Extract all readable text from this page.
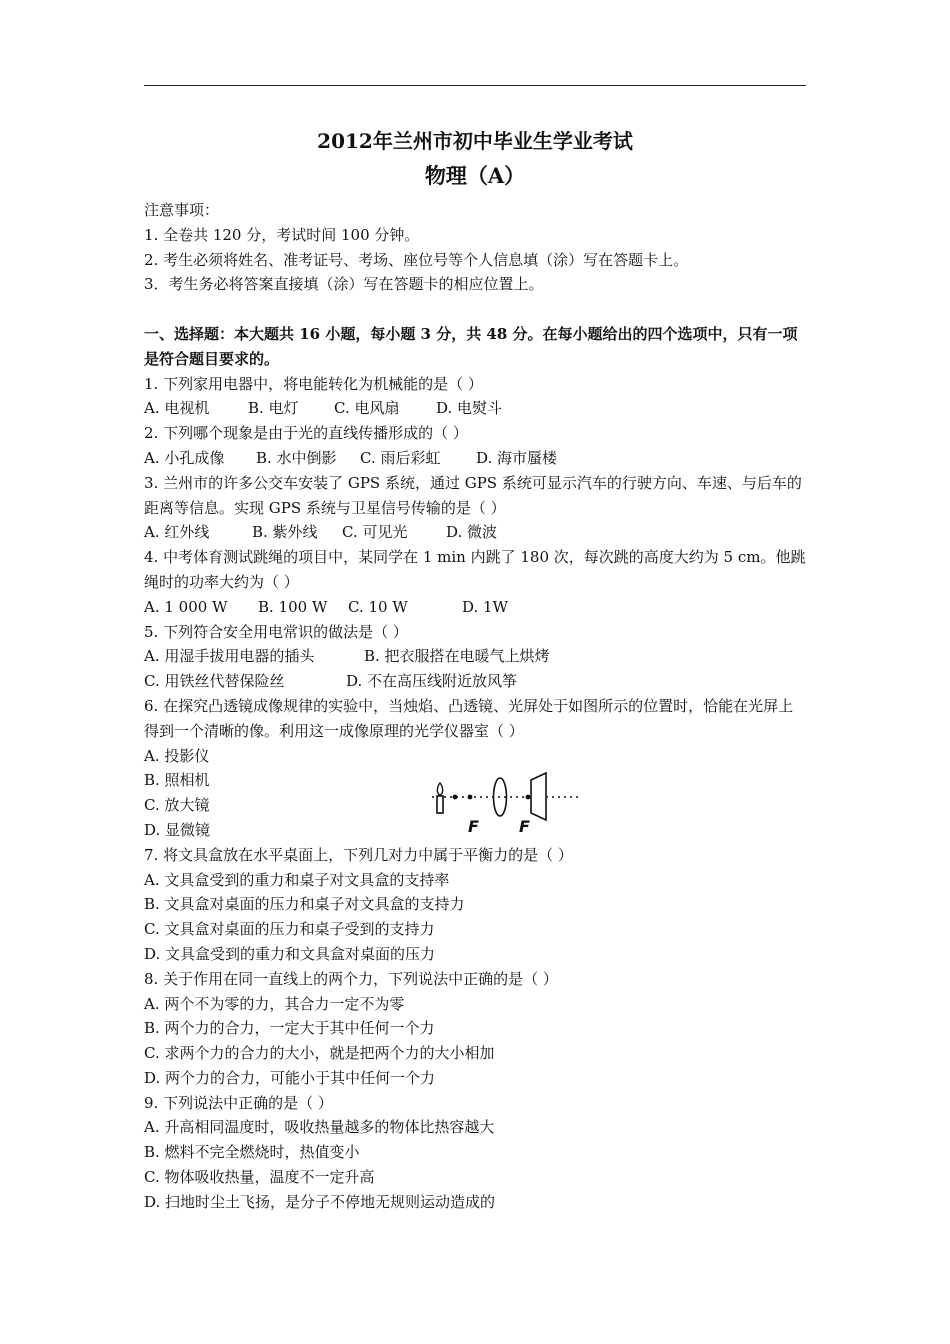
2012年兰州市初中毕业生学业考试
物理（A）
注意事项：
1. 全卷共 120 分，考试时间 100 分钟。
2. 考生必须将姓名、准考证号、考场、座位号等个人信息填（涂）写在答题卡上。
3．考生务必将答案直接填（涂）写在答题卡的相应位置上。
一、选择题：本大题共 16 小题，每小题 3 分，共 48 分。在每小题给出的四个选项中，只有一项是符合题目要求的。
1. 下列家用电器中，将电能转化为机械能的是（ ）
A. 电视机	B. 电灯 C. 电风扇 D. 电熨斗
2. 下列哪个现象是由于光的直线传播形成的（ ）
A. 小孔成像 B. 水中倒影 C. 雨后彩虹 D. 海市蜃楼
3. 兰州市的许多公交车安装了 GPS 系统，通过 GPS 系统可显示汽车的行驶方向、车速、与后车的距离等信息。实现 GPS 系统与卫星信号传输的是（ ）
A. 红外线	B. 紫外线 C. 可见光	D. 微波
4. 中考体育测试跳绳的项目中，某同学在 1 min 内跳了 180 次，每次跳的高度大约为 5 cm。他跳绳时的功率大约为（ ）
A. 1 000 W B. 100 W C. 10 W	D. 1W
5. 下列符合安全用电常识的做法是（ ）
A. 用湿手拔用电器的插头	B. 把衣服搭在电暖气上烘烤
C. 用铁丝代替保险丝	D. 不在高压线附近放风筝
6. 在探究凸透镜成像规律的实验中，当烛焰、凸透镜、光屏处于如图所示的位置时，恰能在光屏上得到一个清晰的像。利用这一成像原理的光学仪器室（ ）
A. 投影仪
B. 照相机
C. 放大镜
D. 显微镜
7. 将文具盒放在水平桌面上，下列几对力中属于平衡力的是（ ）
A. 文具盒受到的重力和桌子对文具盒的支持率
B. 文具盒对桌面的压力和桌子对文具盒的支持力
C. 文具盒对桌面的压力和桌子受到的支持力
D. 文具盒受到的重力和文具盒对桌面的压力
8. 关于作用在同一直线上的两个力，下列说法中正确的是（ ）
A. 两个不为零的力，其合力一定不为零
B. 两个力的合力，一定大于其中任何一个力
C. 求两个力的合力的大小，就是把两个力的大小相加
D. 两个力的合力，可能小于其中任何一个力
9. 下列说法中正确的是（ ）
A. 升高相同温度时，吸收热量越多的物体比热容越大
B. 燃料不完全燃烧时，热值变小
C. 物体吸收热量，温度不一定升高
D. 扫地时尘土飞扬，是分子不停地无规则运动造成的
F	F
